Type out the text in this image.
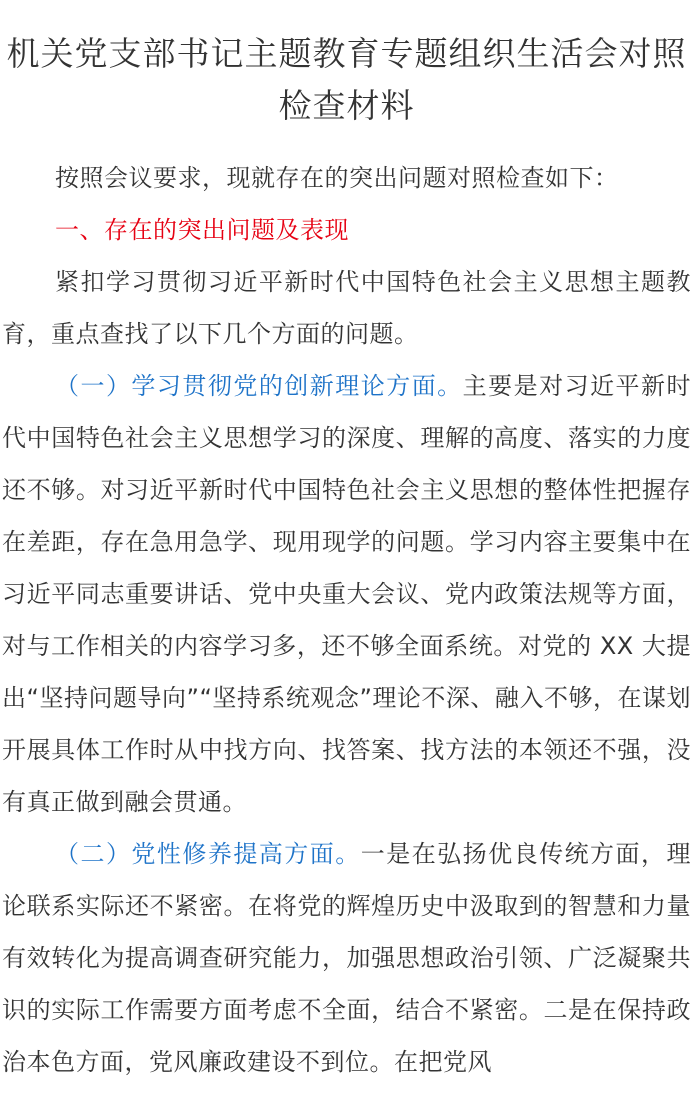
机关党支部书记主题教育专题组织生活会对照检查材料

按照会议要求，现就存在的突出问题对照检查如下：

一、存在的突出问题及表现

紧扣学习贯彻习近平新时代中国特色社会主义思想主题教育，重点查找了以下几个方面的问题。

（一）学习贯彻党的创新理论方面。主要是对习近平新时代中国特色社会主义思想学习的深度、理解的高度、落实的力度还不够。对习近平新时代中国特色社会主义思想的整体性把握存在差距，存在急用急学、现用现学的问题。学习内容主要集中在习近平同志重要讲话、党中央重大会议、党内政策法规等方面，对与工作相关的内容学习多，还不够全面系统。对党的 XX 大提出“坚持问题导向”“坚持系统观念”理论不深、融入不够，在谋划开展具体工作时从中找方向、找答案、找方法的本领还不强，没有真正做到融会贯通。

（二）党性修养提高方面。一是在弘扬优良传统方面，理论联系实际还不紧密。在将党的辉煌历史中汲取到的智慧和力量有效转化为提高调查研究能力，加强思想政治引领、广泛凝聚共识的实际工作需要方面考虑不全面，结合不紧密。二是在保持政治本色方面，党风廉政建设不到位。在把党风
